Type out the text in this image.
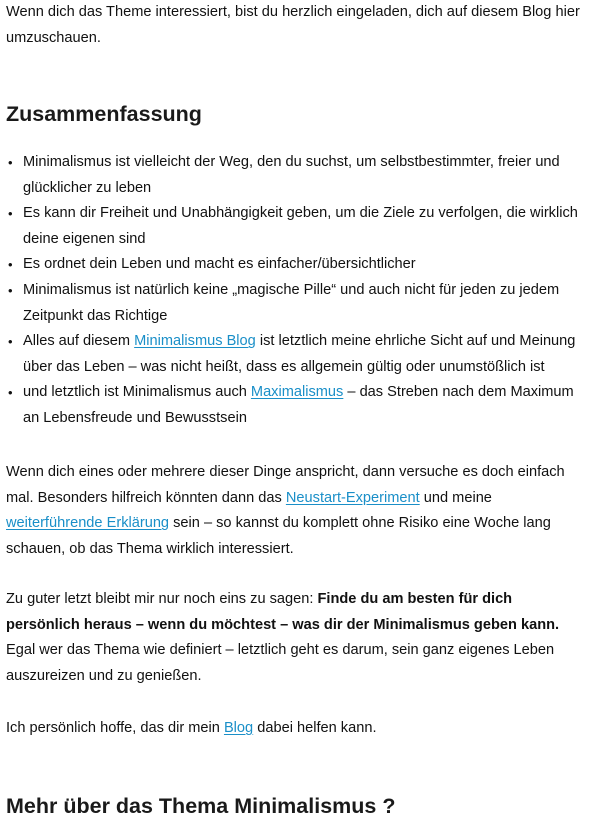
Wenn dich das Theme interessiert, bist du herzlich eingeladen, dich auf diesem Blog hier umzuschauen.

Zusammenfassung
• Minimalismus ist vielleicht der Weg, den du suchst, um selbstbestimmter, freier und glücklicher zu leben
• Es kann dir Freiheit und Unabhängigkeit geben, um die Ziele zu verfolgen, die wirklich deine eigenen sind
• Es ordnet dein Leben und macht es einfacher/übersichtlicher
• Minimalismus ist natürlich keine „magische Pille“ und auch nicht für jeden zu jedem Zeitpunkt das Richtige
• Alles auf diesem Minimalismus Blog ist letztlich meine ehrliche Sicht auf und Meinung über das Leben – was nicht heißt, dass es allgemein gültig oder unumstößlich ist
• und letztlich ist Minimalismus auch Maximalismus – das Streben nach dem Maximum an Lebensfreude und Bewusstsein

Wenn dich eines oder mehrere dieser Dinge anspricht, dann versuche es doch einfach mal. Besonders hilfreich könnten dann das Neustart-Experiment und meine weiterführende Erklärung sein – so kannst du komplett ohne Risiko eine Woche lang schauen, ob das Thema wirklich interessiert.

Zu guter letzt bleibt mir nur noch eins zu sagen: Finde du am besten für dich persönlich heraus – wenn du möchtest – was dir der Minimalismus geben kann. Egal wer das Thema wie definiert – letztlich geht es darum, sein ganz eigenes Leben auszureizen und zu genießen.

Ich persönlich hoffe, das dir mein Blog dabei helfen kann.

Mehr über das Thema Minimalismus ?
